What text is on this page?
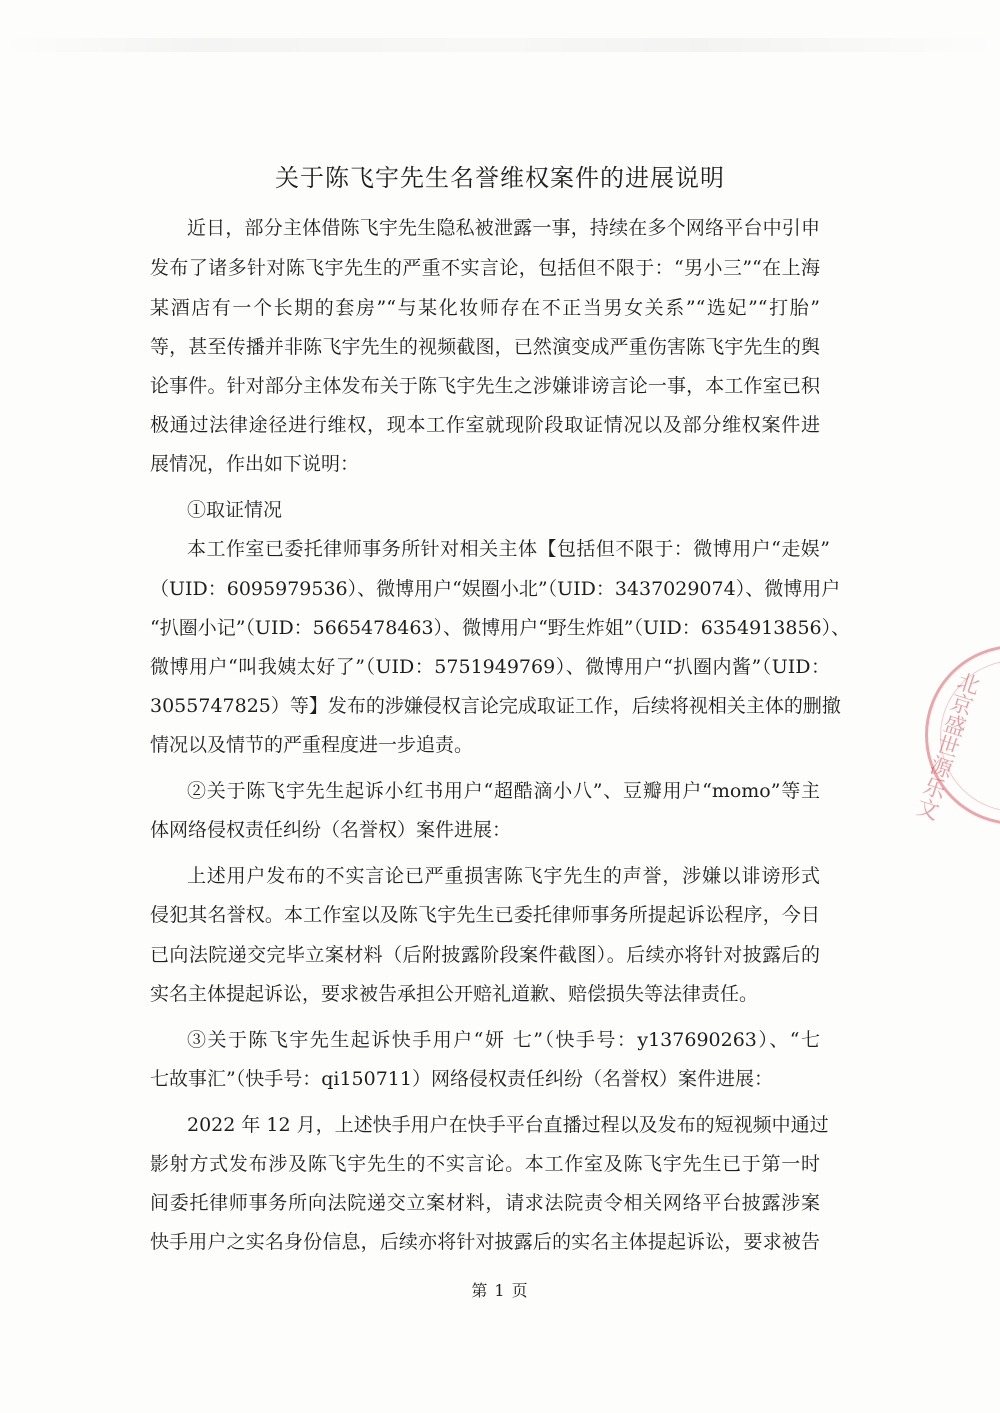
关于陈飞宇先生名誉维权案件的进展说明
近日，部分主体借陈飞宇先生隐私被泄露一事，持续在多个网络平台中引申
发布了诸多针对陈飞宇先生的严重不实言论，包括但不限于：“男小三”“在上海
某酒店有一个长期的套房”“与某化妆师存在不正当男女关系”“选妃”“打胎”
等，甚至传播并非陈飞宇先生的视频截图，已然演变成严重伤害陈飞宇先生的舆
论事件。针对部分主体发布关于陈飞宇先生之涉嫌诽谤言论一事，本工作室已积
极通过法律途径进行维权，现本工作室就现阶段取证情况以及部分维权案件进
展情况，作出如下说明：
①取证情况
本工作室已委托律师事务所针对相关主体【包括但不限于：微博用户“走娱”
（UID：6095979536）、微博用户“娱圈小北”（UID：3437029074）、微博用户
“扒圈小记”（UID：5665478463）、微博用户“野生炸姐”（UID：6354913856）、
微博用户“叫我姨太好了”（UID：5751949769）、微博用户“扒圈内酱”（UID：
3055747825）等】发布的涉嫌侵权言论完成取证工作，后续将视相关主体的删撤
情况以及情节的严重程度进一步追责。
②关于陈飞宇先生起诉小红书用户“超酷滴小八”、豆瓣用户“momo”等主
体网络侵权责任纠纷（名誉权）案件进展：
上述用户发布的不实言论已严重损害陈飞宇先生的声誉，涉嫌以诽谤形式
侵犯其名誉权。本工作室以及陈飞宇先生已委托律师事务所提起诉讼程序，今日
已向法院递交完毕立案材料（后附披露阶段案件截图）。后续亦将针对披露后的
实名主体提起诉讼，要求被告承担公开赔礼道歉、赔偿损失等法律责任。
③关于陈飞宇先生起诉快手用户“妍 七”（快手号：y137690263）、“七
七故事汇”（快手号：qi150711）网络侵权责任纠纷（名誉权）案件进展：
2022 年 12 月，上述快手用户在快手平台直播过程以及发布的短视频中通过
影射方式发布涉及陈飞宇先生的不实言论。本工作室及陈飞宇先生已于第一时
间委托律师事务所向法院递交立案材料，请求法院责令相关网络平台披露涉案
快手用户之实名身份信息，后续亦将针对披露后的实名主体提起诉讼，要求被告
第 1 页
北京盛世源乐文
